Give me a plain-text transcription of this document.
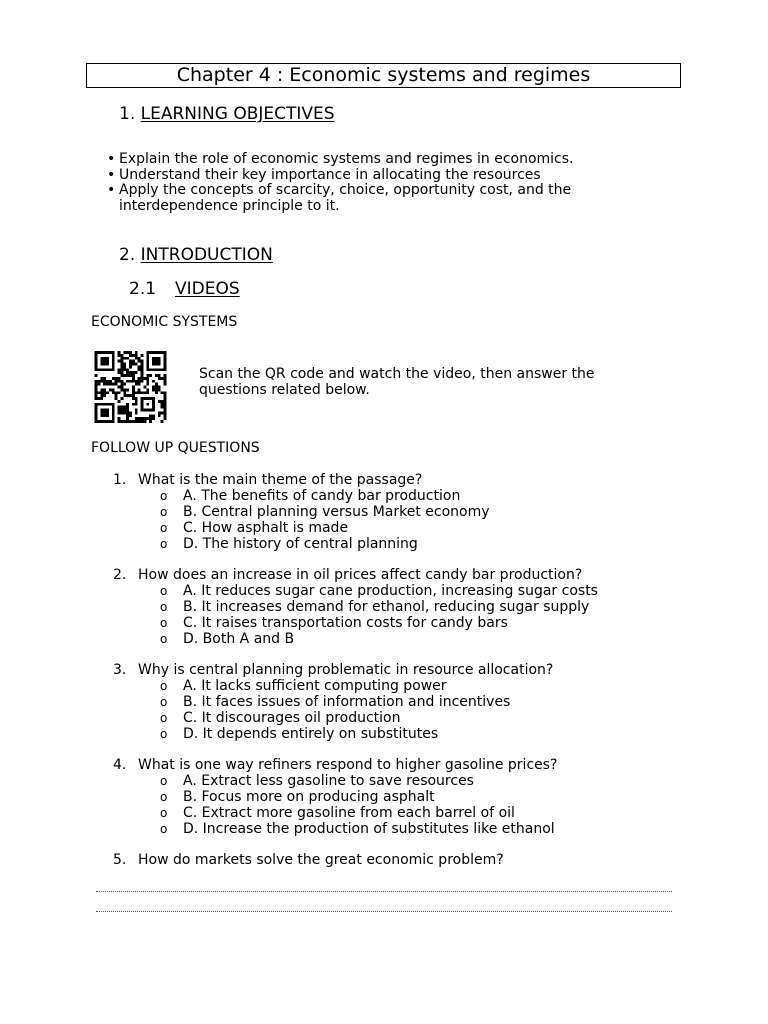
Chapter 4 : Economic systems and regimes
1. LEARNING OBJECTIVES
• Explain the role of economic systems and regimes in economics.
• Understand their key importance in allocating the resources
• Apply the concepts of scarcity, choice, opportunity cost, and the interdependence principle to it.
2. INTRODUCTION
2.1 VIDEOS
ECONOMIC SYSTEMS
Scan the QR code and watch the video, then answer the questions related below.
FOLLOW UP QUESTIONS
1. What is the main theme of the passage?
o	A. The benefits of candy bar production
o	B. Central planning versus Market economy
o	C. How asphalt is made
o	D. The history of central planning
2. How does an increase in oil prices affect candy bar production?
o	A. It reduces sugar cane production, increasing sugar costs
o	B. It increases demand for ethanol, reducing sugar supply
o	C. It raises transportation costs for candy bars
o	D. Both A and B
3. Why is central planning problematic in resource allocation?
o	A. It lacks sufficient computing power
o	B. It faces issues of information and incentives
o	C. It discourages oil production
o	D. It depends entirely on substitutes
4. What is one way refiners respond to higher gasoline prices?
o	A. Extract less gasoline to save resources
o	B. Focus more on producing asphalt
o	C. Extract more gasoline from each barrel of oil
o	D. Increase the production of substitutes like ethanol
5. How do markets solve the great economic problem?
